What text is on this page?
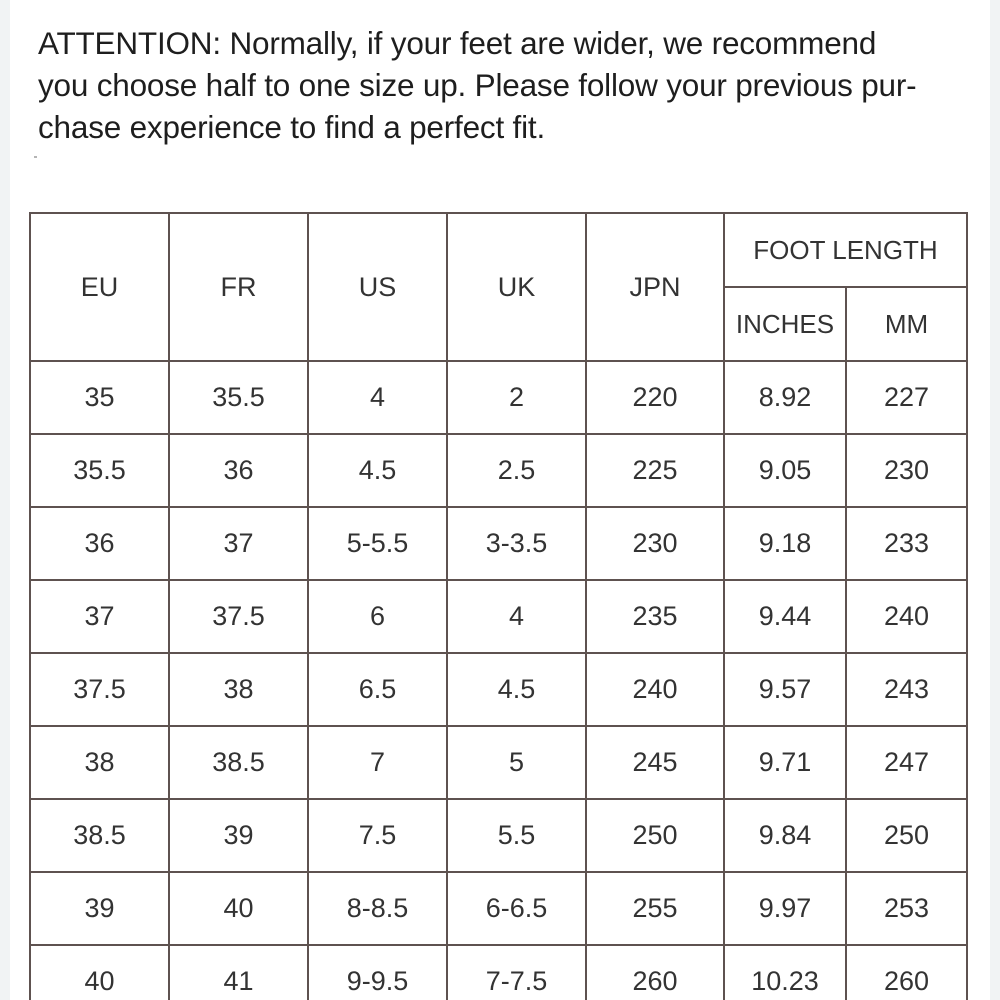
ATTENTION: Normally, if your feet are wider, we recommend
you choose half to one size up. Please follow your previous pur-
chase experience to find a perfect fit.

EU	FR	US	UK	JPN	FOOT LENGTH	
					INCHES	MM
35	35.5	4	2	220	8.92	227
35.5	36	4.5	2.5	225	9.05	230
36	37	5-5.5	3-3.5	230	9.18	233
37	37.5	6	4	235	9.44	240
37.5	38	6.5	4.5	240	9.57	243
38	38.5	7	5	245	9.71	247
38.5	39	7.5	5.5	250	9.84	250
39	40	8-8.5	6-6.5	255	9.97	253
40	41	9-9.5	7-7.5	260	10.23	260
